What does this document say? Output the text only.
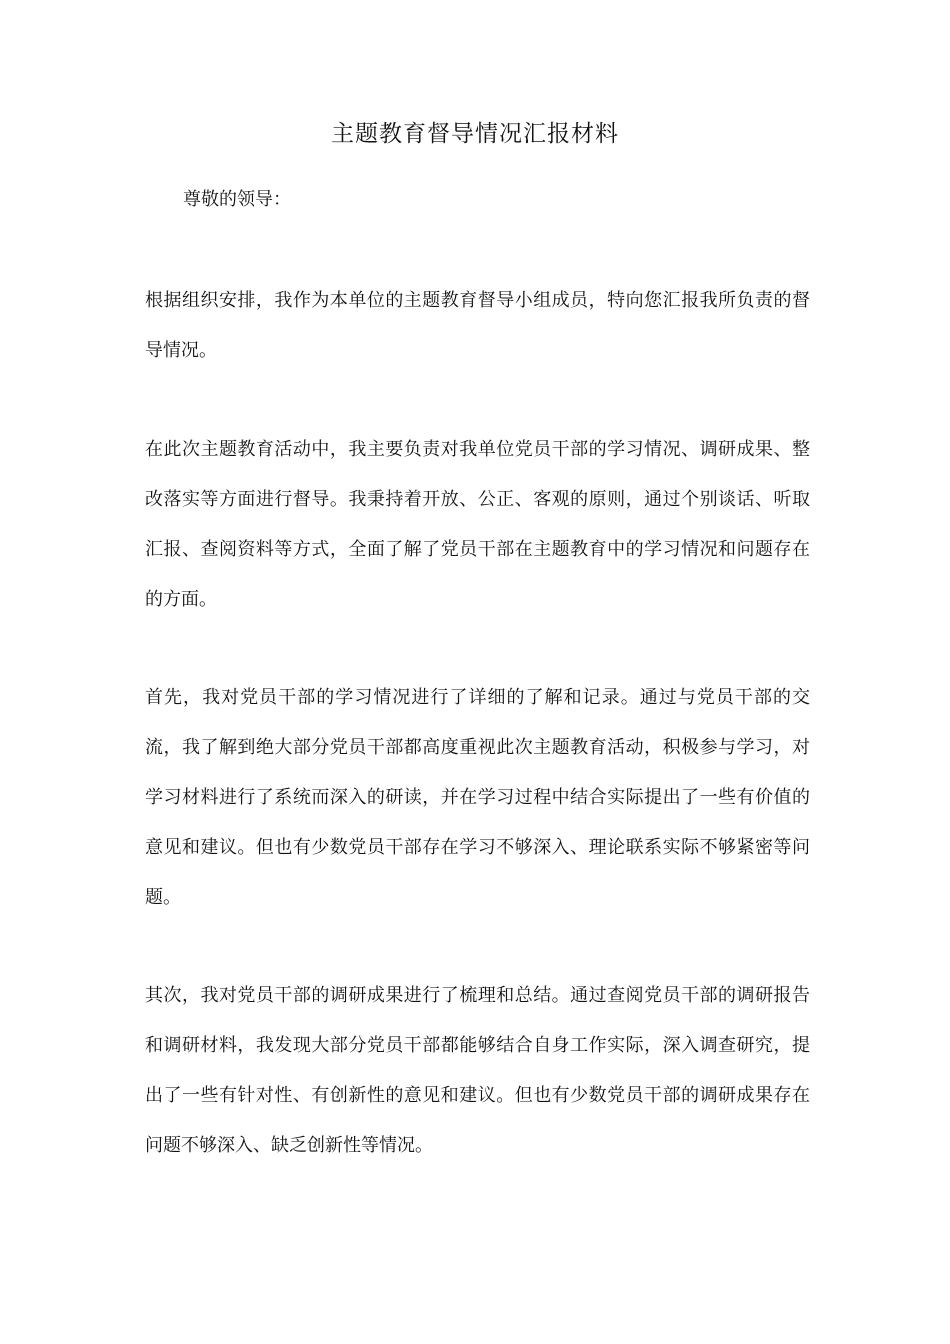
主题教育督导情况汇报材料
尊敬的领导：

根据组织安排，我作为本单位的主题教育督导小组成员，特向您汇报我所负责的督导情况。

在此次主题教育活动中，我主要负责对我单位党员干部的学习情况、调研成果、整改落实等方面进行督导。我秉持着开放、公正、客观的原则，通过个别谈话、听取汇报、查阅资料等方式，全面了解了党员干部在主题教育中的学习情况和问题存在的方面。

首先，我对党员干部的学习情况进行了详细的了解和记录。通过与党员干部的交流，我了解到绝大部分党员干部都高度重视此次主题教育活动，积极参与学习，对学习材料进行了系统而深入的研读，并在学习过程中结合实际提出了一些有价值的意见和建议。但也有少数党员干部存在学习不够深入、理论联系实际不够紧密等问题。

其次，我对党员干部的调研成果进行了梳理和总结。通过查阅党员干部的调研报告和调研材料，我发现大部分党员干部都能够结合自身工作实际，深入调查研究，提出了一些有针对性、有创新性的意见和建议。但也有少数党员干部的调研成果存在问题不够深入、缺乏创新性等情况。
